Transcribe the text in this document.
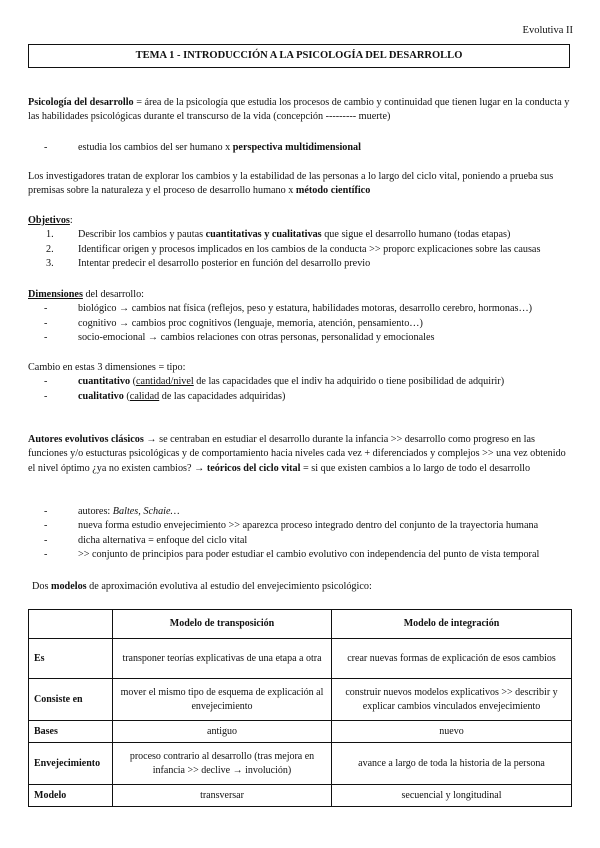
Evolutiva II
TEMA 1 - INTRODUCCIÓN A LA PSICOLOGÍA DEL DESARROLLO

Psicología del desarrollo = área de la psicología que estudia los procesos de cambio y continuidad que tienen lugar en la conducta y las habilidades psicológicas durante el transcurso de la vida (concepción --------- muerte)

-	estudia los cambios del ser humano x perspectiva multidimensional

Los investigadores tratan de explorar los cambios y la estabilidad de las personas a lo largo del ciclo vital, poniendo a prueba sus premisas sobre la naturaleza y el proceso de desarrollo humano x método científico

Objetivos:

1. Describir los cambios y pautas cuantitativas y cualitativas que sigue el desarrollo humano (todas etapas)

2. Identificar origen y procesos implicados en los cambios de la conducta >> proporc explicaciones sobre las causas

3. Intentar predecir el desarrollo posterior en función del desarrollo previo

Dimensiones del desarrollo:

-	biológico → cambios nat física (reflejos, peso y estatura, habilidades motoras, desarrollo cerebro, hormonas…)

-	cognitivo → cambios proc cognitivos (lenguaje, memoria, atención, pensamiento…)

-	socio-emocional → cambios relaciones con otras personas, personalidad y emocionales

Cambio en estas 3 dimensiones = tipo:

-	cuantitativo (cantidad/nivel de las capacidades que el indiv ha adquirido o tiene posibilidad de adquirir)

-	cualitativo (calidad de las capacidades adquiridas)

Autores evolutivos clásicos → se centraban en estudiar el desarrollo durante la infancia >> desarrollo como progreso en las funciones y/o estucturas psicológicas y de comportamiento hacia niveles cada vez + diferenciados y complejos >> una vez obtenido el nivel óptimo ¿ya no existen cambios? → teóricos del ciclo vital = si que existen cambios a lo largo de todo el desarrollo

-	autores: Baltes, Schaie…

-	nueva forma estudio envejecimiento >> aparezca proceso integrado dentro del conjunto de la trayectoria humana

-	dicha alternativa = enfoque del ciclo vital

-	>> conjunto de principios para poder estudiar el cambio evolutivo con independencia del punto de vista temporal

Dos modelos de aproximación evolutiva al estudio del envejecimiento psicológico:

	Modelo de transposición	Modelo de integración
Es	transponer teorías explicativas de una etapa a otra	crear nuevas formas de explicación de esos cambios
Consiste en	mover el mismo tipo de esquema de explicación al envejecimiento	construir nuevos modelos explicativos >> describir y explicar cambios vinculados envejecimiento
Bases	antiguo	nuevo
Envejecimiento	proceso contrario al desarrollo (tras mejora en infancia >> declive → involución)	avance a largo de toda la historia de la persona
Modelo	transversar	secuencial y longitudinal
